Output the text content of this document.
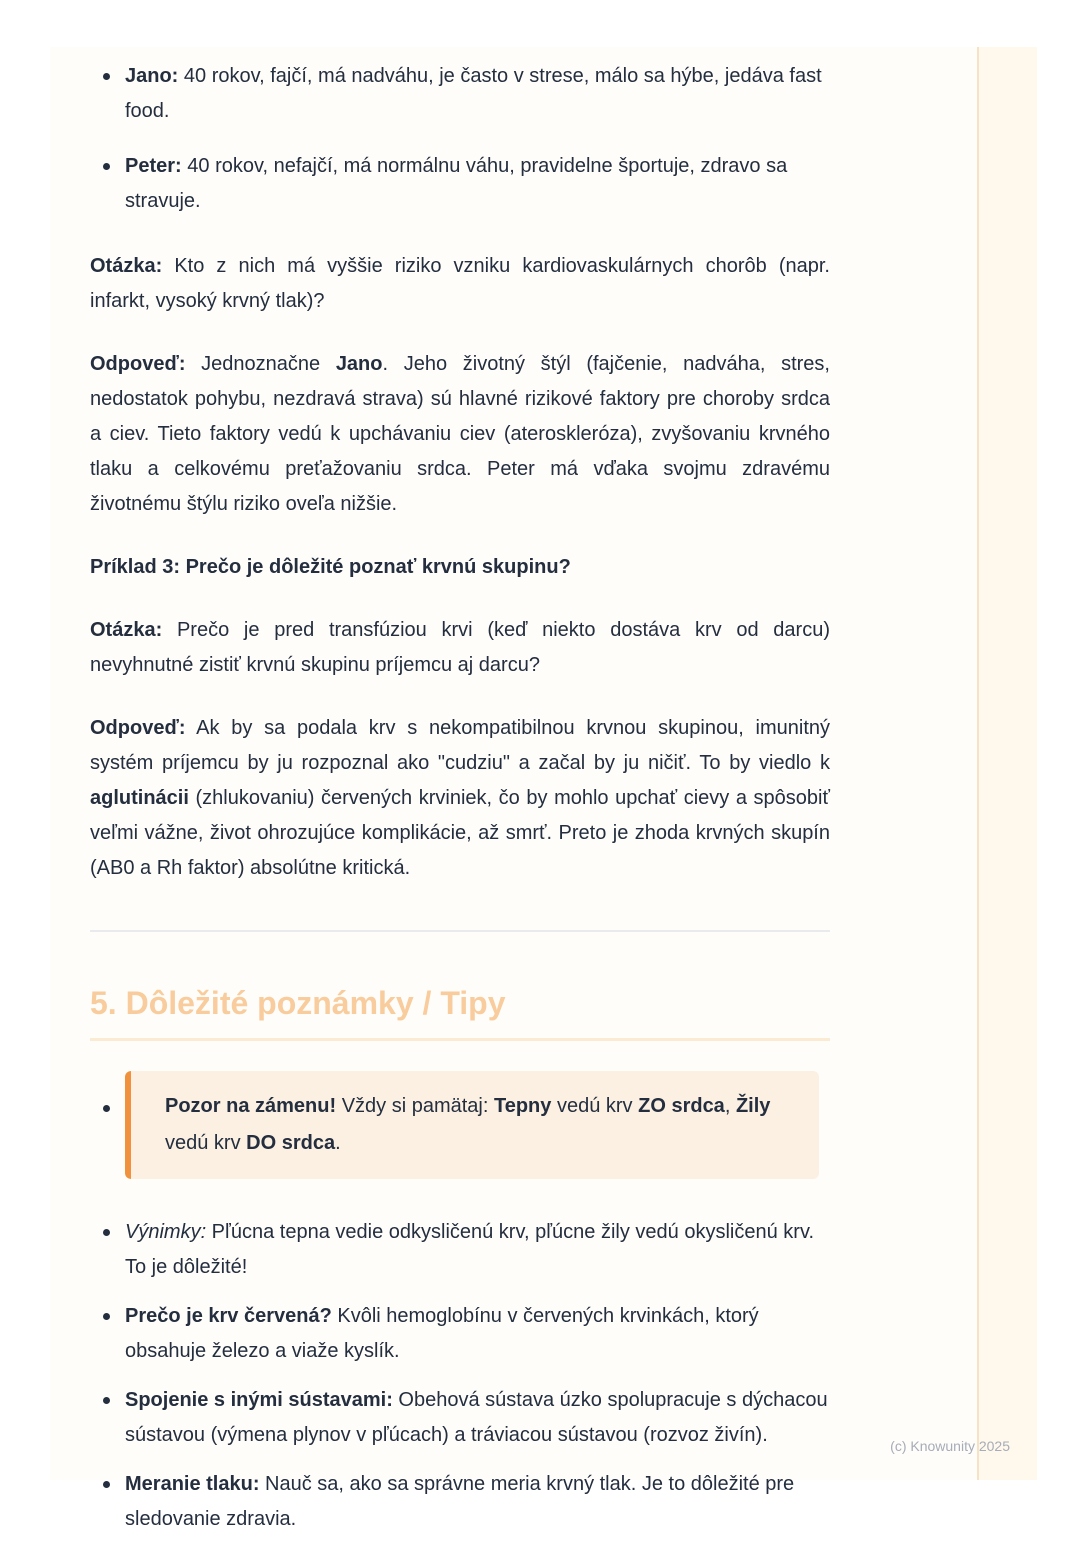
Jano: 40 rokov, fajčí, má nadváhu, je často v strese, málo sa hýbe, jedáva fast food.
Peter: 40 rokov, nefajčí, má normálnu váhu, pravidelne športuje, zdravo sa stravuje.

Otázka: Kto z nich má vyššie riziko vzniku kardiovaskulárnych chorôb (napr. infarkt, vysoký krvný tlak)?

Odpoveď: Jednoznačne Jano. Jeho životný štýl (fajčenie, nadváha, stres, nedostatok pohybu, nezdravá strava) sú hlavné rizikové faktory pre choroby srdca a ciev. Tieto faktory vedú k upchávaniu ciev (ateroskleróza), zvyšovaniu krvného tlaku a celkovému preťažovaniu srdca. Peter má vďaka svojmu zdravému životnému štýlu riziko oveľa nižšie.

Príklad 3: Prečo je dôležité poznať krvnú skupinu?

Otázka: Prečo je pred transfúziou krvi (keď niekto dostáva krv od darcu) nevyhnutné zistiť krvnú skupinu príjemcu aj darcu?

Odpoveď: Ak by sa podala krv s nekompatibilnou krvnou skupinou, imunitný systém príjemcu by ju rozpoznal ako "cudziu" a začal by ju ničiť. To by viedlo k aglutinácii (zhlukovaniu) červených krviniek, čo by mohlo upchať cievy a spôsobiť veľmi vážne, život ohrozujúce komplikácie, až smrť. Preto je zhoda krvných skupín (AB0 a Rh faktor) absolútne kritická.

5. Dôležité poznámky / Tipy
Pozor na zámenu! Vždy si pamätaj: Tepny vedú krv ZO srdca, Žily vedú krv DO srdca.
Výnimky: Pľúcna tepna vedie odkysličenú krv, pľúcne žily vedú okysličenú krv. To je dôležité!
Prečo je krv červená? Kvôli hemoglobínu v červených krvinkách, ktorý obsahuje železo a viaže kyslík.
Spojenie s inými sústavami: Obehová sústava úzko spolupracuje s dýchacou sústavou (výmena plynov v pľúcach) a tráviacou sústavou (rozvoz živín).
Meranie tlaku: Nauč sa, ako sa správne meria krvný tlak. Je to dôležité pre sledovanie zdravia.
(c) Knowunity 2025
